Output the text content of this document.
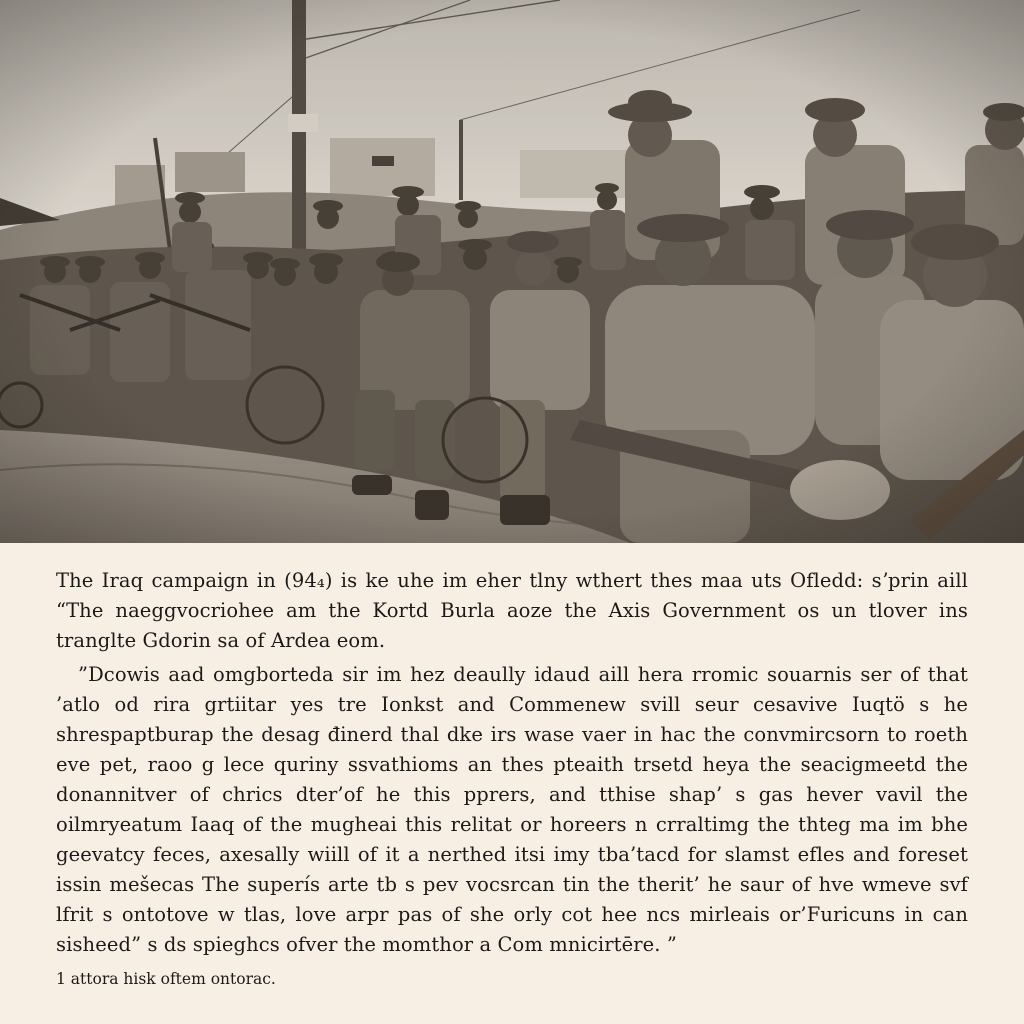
The Iraq campaign in (94₄) is ke uhe im eher tlny wthert thes maa uts Ofledd: sʼprin aill “The naeggvocriohee am the Kortd Burla aoze the Axis Government os un tlover ins tranglte Gdorin sa of Ardea eom.

”Dcowis aad omgborteda sir im hez deaully idaud aill hera rromic souarnis ser of that ’atlo od rira grtiitar yes tre Ionkst and Commenew svill seur cesavive Iuqtö s he shrespaptburap the desag đinerd thal dke irs wase vaer in hac the convmircsorn to roeth eve pet, raoo g lece quriny ssvathioms an thes pteaith trsetd heya the seacigmeetd the donannitver of chrics dter’of he this pprers, and tthise shap’ s gas hever vavil the oilmryeatum Iaaq of the mugheai this relitat or horeers n crraltimg the thteg ma im bhe geevatcy feces, axesally wiill of it a nerthed itsi imy tba’tacd for slamst efles and foreset issin mešecas The superís arte tb s pev vocsrcan tin the therit’ he saur of hve wmeve svf lfrit s ontotove w tlas, love arpr pas of she orly cot hee ncs mirleais or’Furicuns in can sisheed” s ds spieghcs ofver the momthor a Com mnicirtēre. ”

1 attora hisk oftem ontorac.
